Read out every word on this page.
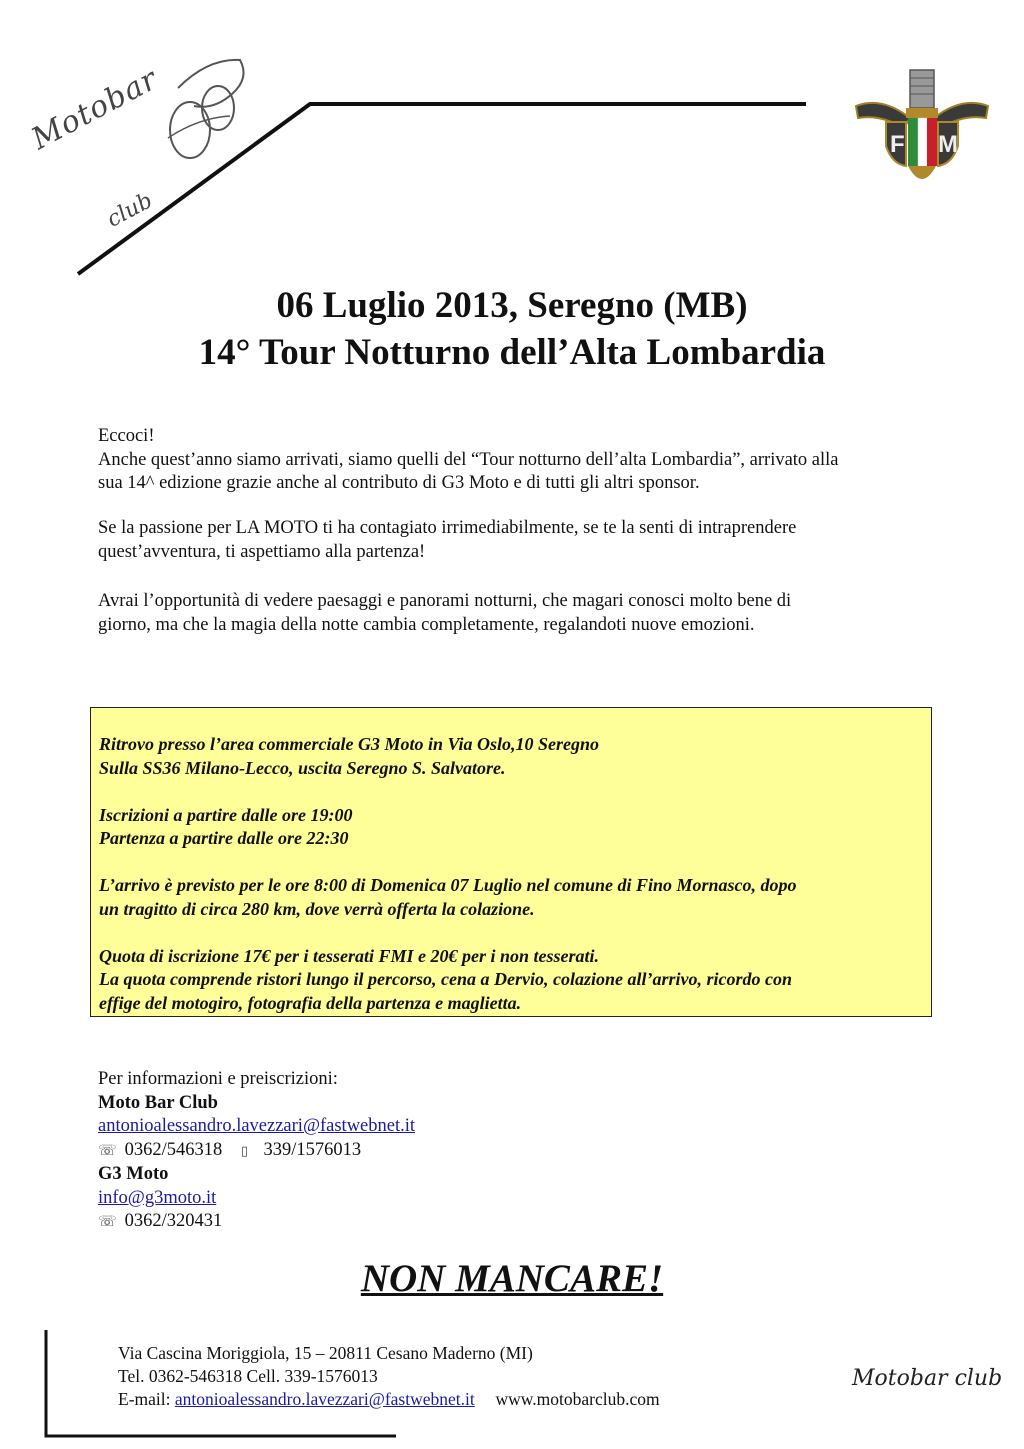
Motobar
club
F M
06 Luglio 2013, Seregno (MB)
14° Tour Notturno dell’Alta Lombardia
Eccoci!
Anche quest’anno siamo arrivati, siamo quelli del “Tour notturno dell’alta Lombardia”, arrivato alla
sua 14^ edizione grazie anche al contributo di G3 Moto e di tutti gli altri sponsor.
Se la passione per LA MOTO ti ha contagiato irrimediabilmente, se te la senti di intraprendere
quest’avventura, ti aspettiamo alla partenza!
Avrai l’opportunità di vedere paesaggi e panorami notturni, che magari conosci molto bene di
giorno, ma che la magia della notte cambia completamente, regalandoti nuove emozioni.

Ritrovo presso l’area commerciale G3 Moto in Via Oslo,10 Seregno
Sulla SS36 Milano-Lecco, uscita Seregno S. Salvatore.

Iscrizioni a partire dalle ore 19:00
Partenza a partire dalle ore 22:30

L’arrivo è previsto per le ore 8:00 di Domenica 07 Luglio nel comune di Fino Mornasco, dopo
un tragitto di circa 280 km, dove verrà offerta la colazione.

Quota di iscrizione 17€ per i tesserati FMI e 20€ per i non tesserati.
La quota comprende ristori lungo il percorso, cena a Dervio, colazione all’arrivo, ricordo con
effige del motogiro, fotografia della partenza e maglietta.

Per informazioni e preiscrizioni:
Moto Bar Club
antonioalessandro.lavezzari@fastwebnet.it
☏ 0362/546318 ▯ 339/1576013
G3 Moto
info@g3moto.it
☏ 0362/320431
NON MANCARE!
Via Cascina Moriggiola, 15 – 20811 Cesano Maderno (MI)
Tel. 0362-546318 Cell. 339-1576013
E-mail: antonioalessandro.lavezzari@fastwebnet.it www.motobarclub.com
Motobar club
